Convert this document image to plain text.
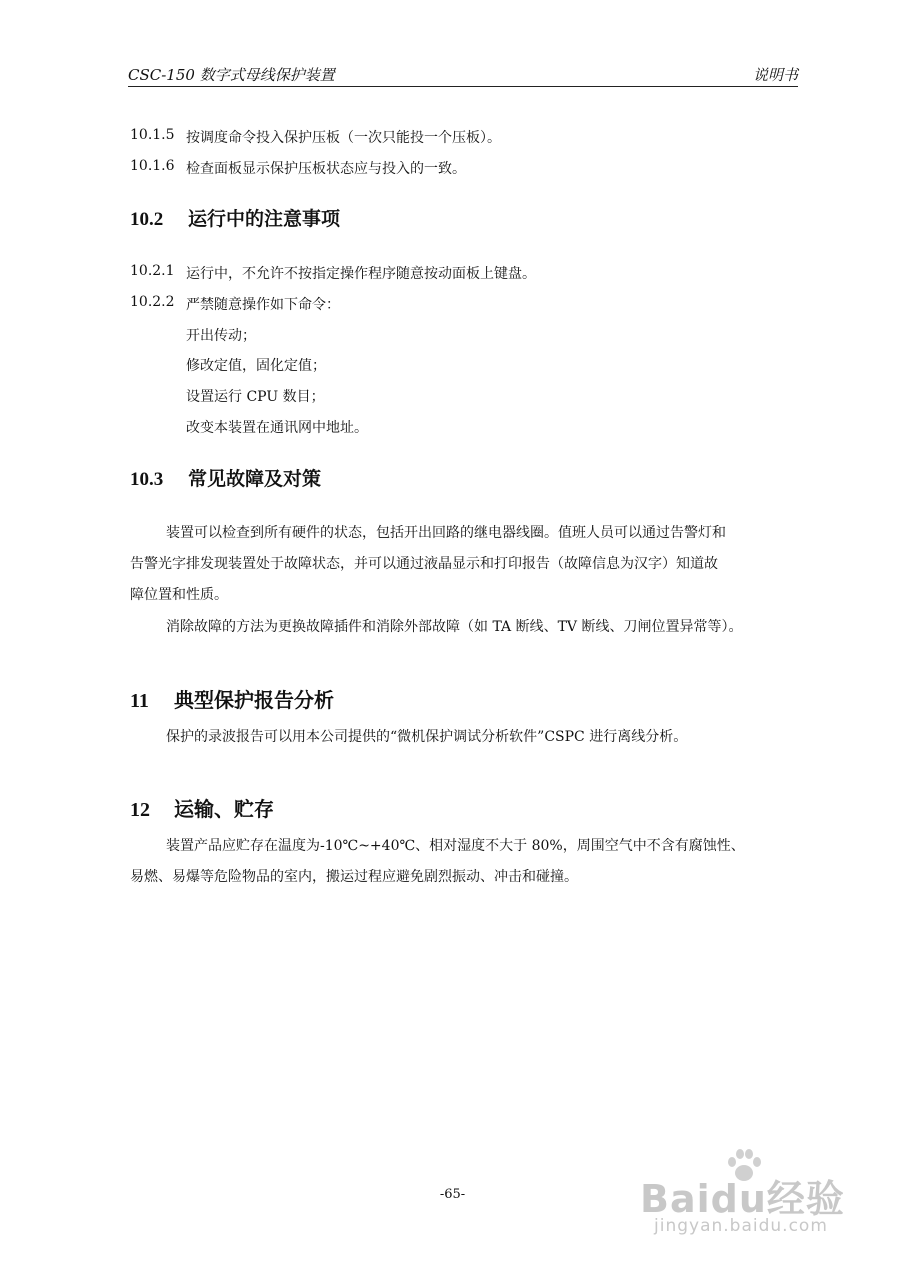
CSC-150 数字式母线保护装置	说明书
10.1.5 按调度命令投入保护压板（一次只能投一个压板）。
10.1.6 检查面板显示保护压板状态应与投入的一致。
10.2 运行中的注意事项
10.2.1 运行中，不允许不按指定操作程序随意按动面板上键盘。
10.2.2 严禁随意操作如下命令：
开出传动；
修改定值，固化定值；
设置运行 CPU 数目；
改变本装置在通讯网中地址。
10.3 常见故障及对策
装置可以检查到所有硬件的状态，包括开出回路的继电器线圈。值班人员可以通过告警灯和
告警光字排发现装置处于故障状态，并可以通过液晶显示和打印报告（故障信息为汉字）知道故
障位置和性质。
消除故障的方法为更换故障插件和消除外部故障（如 TA 断线、TV 断线、刀闸位置异常等）。
11 典型保护报告分析
保护的录波报告可以用本公司提供的“微机保护调试分析软件”CSPC 进行离线分析。
12 运输、贮存
装置产品应贮存在温度为-10℃~+40℃、相对湿度不大于 80%，周围空气中不含有腐蚀性、
易燃、易爆等危险物品的室内，搬运过程应避免剧烈振动、冲击和碰撞。
-65-	Baidu经验
jingyan.baidu.com
